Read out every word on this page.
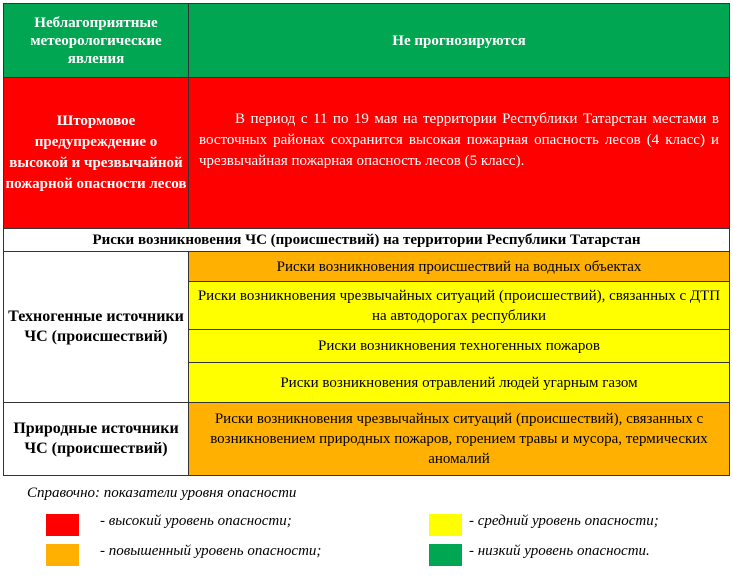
Неблагоприятные метеорологические явления	Не прогнозируются
Штормовое предупреждение о высокой и чрезвычайной пожарной опасности лесов	В период с 11 по 19 мая на территории Республики Татарстан местами в восточных районах сохранится высокая пожарная опасность лесов (4 класс) и чрезвычайная пожарная опасность лесов (5 класс).

Риски возникновения ЧС (происшествий) на территории Республики Татарстан	
Техногенные источники ЧС (происшествий)	Риски возникновения происшествий на водных объектах
	Риски возникновения чрезвычайных ситуаций (происшествий), связанных с ДТП на автодорогах республики
	Риски возникновения техногенных пожаров
	Риски возникновения отравлений людей угарным газом
Природные источники ЧС (происшествий)	Риски возникновения чрезвычайных ситуаций (происшествий), связанных с возникновением природных пожаров, горением травы и мусора, термических аномалий
Справочно: показатели уровня опасности
- высокий уровень опасности;
- повышенный уровень опасности;
- средний уровень опасности;
- низкий уровень опасности.
